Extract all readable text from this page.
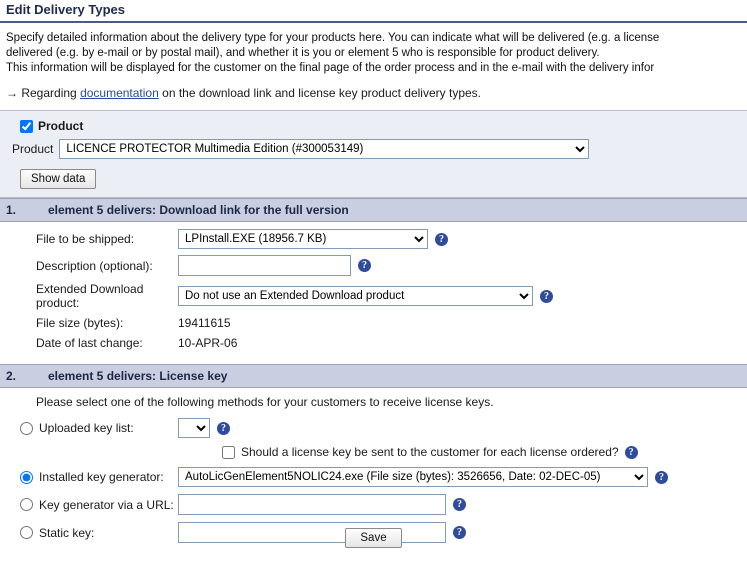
Edit Delivery Types
Specify detailed information about the delivery type for your products here. You can indicate what will be delivered (e.g. a license
delivered (e.g. by e-mail or by postal mail), and whether it is you or element 5 who is responsible for product delivery.
This information will be displayed for the customer on the final page of the order process and in the e-mail with the delivery infor
→ Regarding documentation on the download link and license key product delivery types.
Product
Product
LICENCE PROTECTOR Multimedia Edition (#300053149)
Show data
1.	element 5 delivers: Download link for the full version
File to be shipped:
LPInstall.EXE (18956.7 KB)	?
Description (optional):	?
Extended Download product:
Do not use an Extended Download product	?
File size (bytes):	19411615
Date of last change:	10-APR-06
2.	element 5 delivers: License key
Please select one of the following methods for your customers to receive license keys.
Uploaded key list:	?
Should a license key be sent to the customer for each license ordered?	?
Installed key generator:
AutoLicGenElement5NOLIC24.exe (File size (bytes): 3526656, Date: 02-DEC-05)	?
Key generator via a URL:	?
Static key:	?
Save
